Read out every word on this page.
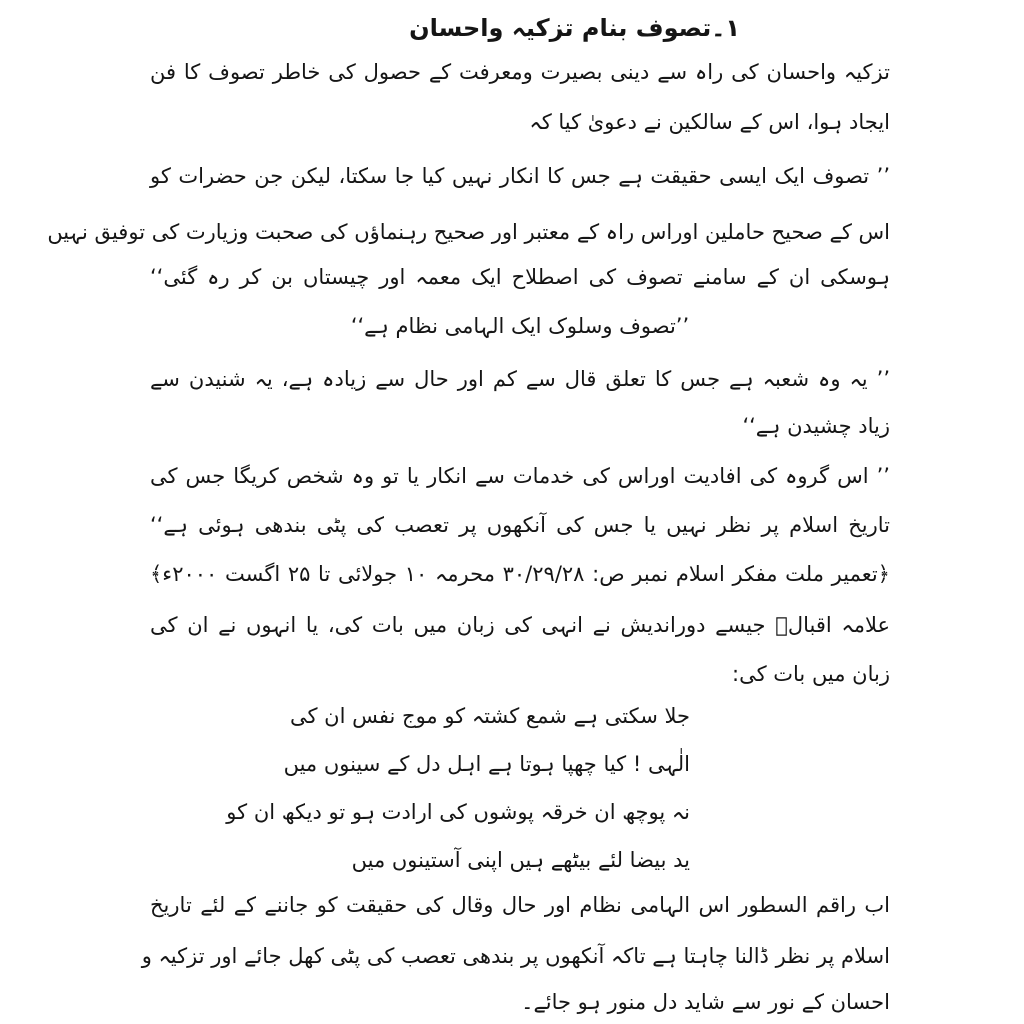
۱۔تصوف بنام تزکیہ واحسان
تزکیہ واحسان کی راہ سے دینی بصیرت ومعرفت کے حصول کی خاطر تصوف کا فن
ایجاد ہوا، اس کے سالکین نے دعویٰ کیا کہ
’’ تصوف ایک ایسی حقیقت ہے جس کا انکار نہیں کیا جا سکتا، لیکن جن حضرات کو
اس کے صحیح حاملین اوراس راہ کے معتبر اور صحیح رہنماؤں کی صحبت وزیارت کی توفیق نہیں
ہوسکی ان کے سامنے تصوف کی اصطلاح ایک معمہ اور چیستاں بن کر رہ گئی‘‘
’’تصوف وسلوک ایک الہامی نظام ہے‘‘
’’ یہ وہ شعبہ ہے جس کا تعلق قال سے کم اور حال سے زیادہ ہے، یہ شنیدن سے
زیاد چشیدن ہے‘‘
’’ اس گروہ کی افادیت اوراس کی خدمات سے انکار یا تو وہ شخص کریگا جس کی
تاریخ اسلام پر نظر نہیں یا جس کی آنکھوں پر تعصب کی پٹی بندھی ہوئی ہے‘‘
﴿تعمیر ملت مفکر اسلام نمبر ص: ۳۰/۲۹/۲۸ محرمہ ۱۰ جولائی تا ۲۵ اگست ۲۰۰۰ء﴾
علامہ اقبالؒ جیسے دوراندیش نے انہی کی زبان میں بات کی، یا انہوں نے ان کی
زبان میں بات کی:
جلا سکتی ہے شمع کشتہ کو موج نفس ان کی
الٰہی ! کیا چھپا ہوتا ہے اہل دل کے سینوں میں
نہ پوچھ ان خرقہ پوشوں کی ارادت ہو تو دیکھ ان کو
ید بیضا لئے بیٹھے ہیں اپنی آستینوں میں
اب راقم السطور اس الہامی نظام اور حال وقال کی حقیقت کو جاننے کے لئے تاریخ
اسلام پر نظر ڈالنا چاہتا ہے تاکہ آنکھوں پر بندھی تعصب کی پٹی کھل جائے اور تزکیہ و
احسان کے نور سے شاید دل منور ہو جائے۔
